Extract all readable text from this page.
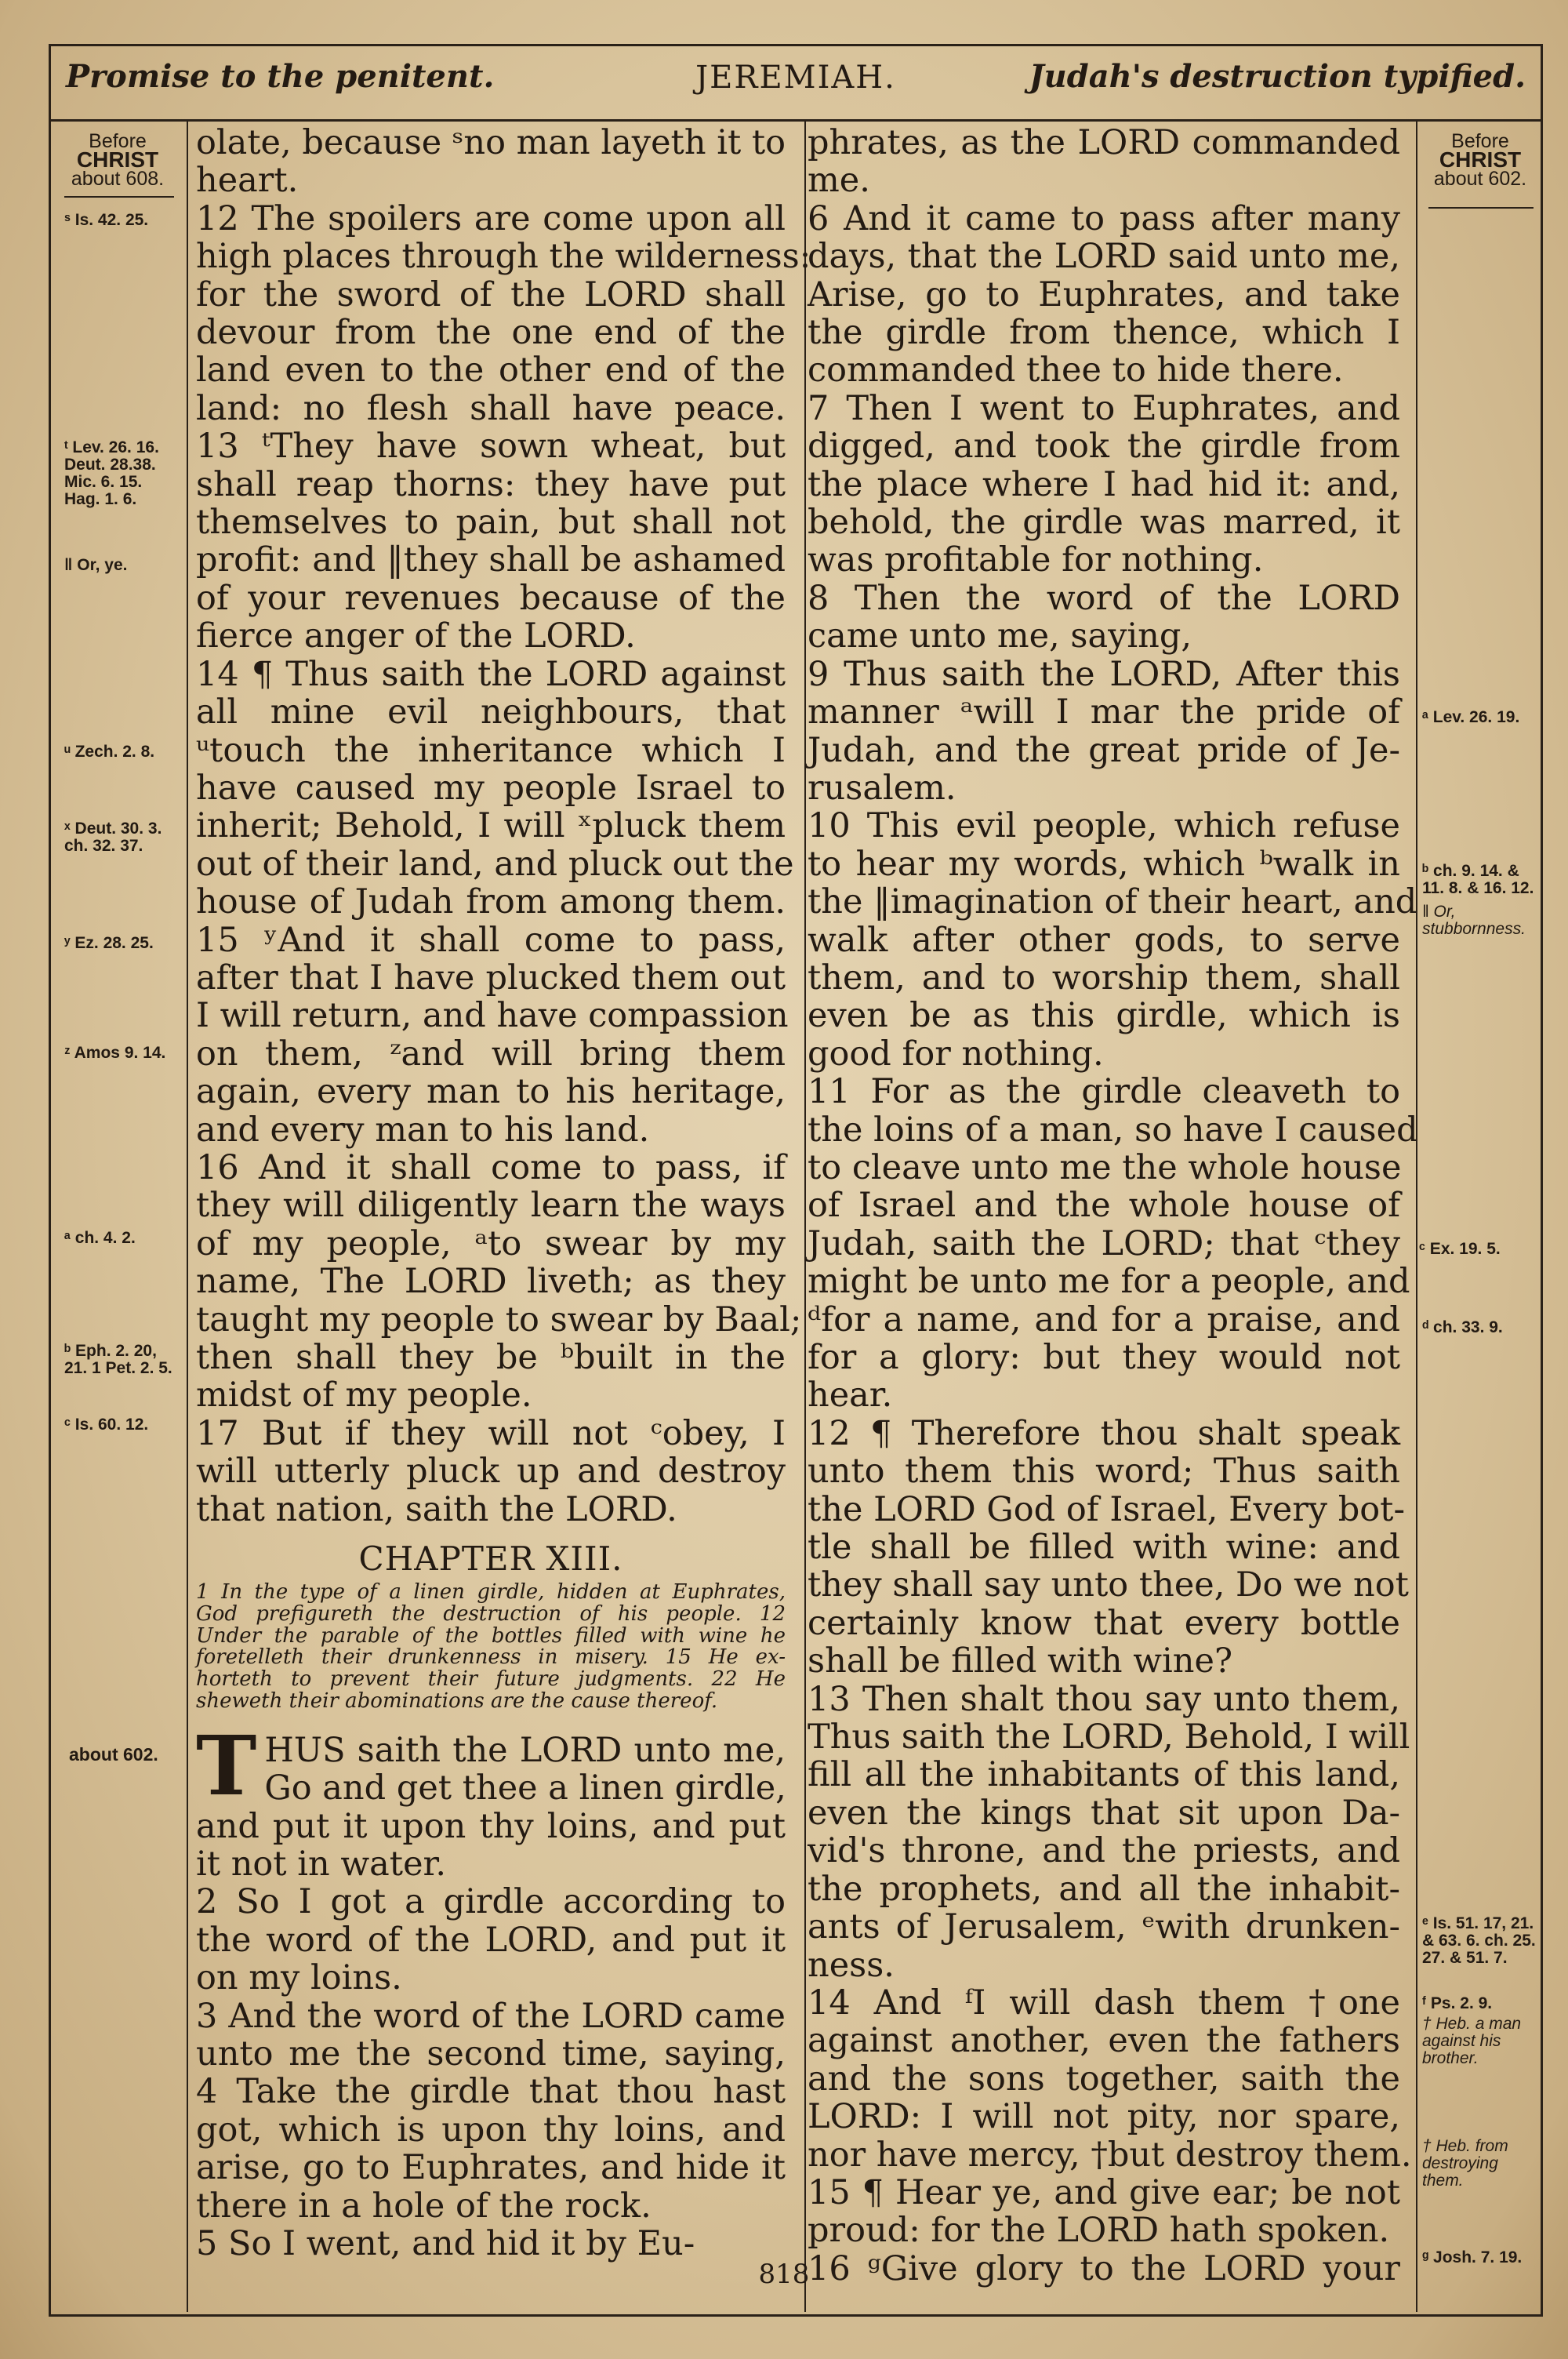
Promise to the penitent.	JEREMIAH.	Judah's destruction typified.
Before
CHRIST
about 608.
Before
CHRIST
about 602.
ˢ Is. 42. 25.
ᵗ Lev. 26. 16. Deut. 28.38. Mic. 6. 15. Hag. 1. 6.
‖ Or, ye.
ᵘ Zech. 2. 8.
ˣ Deut. 30. 3. ch. 32. 37.
ʸ Ez. 28. 25.
ᶻ Amos 9. 14.
ᵃ ch. 4. 2.
ᵇ Eph. 2. 20, 21. 1 Pet. 2. 5.
ᶜ Is. 60. 12.
about 602.
ᵃ Lev. 26. 19.
ᵇ ch. 9. 14. & 11. 8. & 16. 12.
‖ Or, stubbornness.
ᶜ Ex. 19. 5.
ᵈ ch. 33. 9.
ᵉ Is. 51. 17, 21. & 63. 6. ch. 25. 27. & 51. 7.
ᶠ Ps. 2. 9.
† Heb. a man against his brother.
† Heb. from destroying them.
ᵍ Josh. 7. 19.
olate, because ˢno man layeth it to
heart.
12 The spoilers are come upon all
high places through the wilderness:
for the sword of the LORD shall
devour from the one end of the
land even to the other end of the
land: no flesh shall have peace.
13 ᵗThey have sown wheat, but
shall reap thorns: they have put
themselves to pain, but shall not
profit: and ‖they shall be ashamed
of your revenues because of the
fierce anger of the LORD.
14 ¶ Thus saith the LORD against
all mine evil neighbours, that
ᵘtouch the inheritance which I
have caused my people Israel to
inherit; Behold, I will ˣpluck them
out of their land, and pluck out the
house of Judah from among them.
15 ʸAnd it shall come to pass,
after that I have plucked them out
I will return, and have compassion
on them, ᶻand will bring them
again, every man to his heritage,
and every man to his land.
16 And it shall come to pass, if
they will diligently learn the ways
of my people, ᵃto swear by my
name, The LORD liveth; as they
taught my people to swear by Baal;
then shall they be ᵇbuilt in the
midst of my people.
17 But if they will not ᶜobey, I
will utterly pluck up and destroy
that nation, saith the LORD.
CHAPTER XIII.
1 In the type of a linen girdle, hidden at Euphrates,
God prefigureth the destruction of his people. 12
Under the parable of the bottles filled with wine he
foretelleth their drunkenness in misery. 15 He ex-
horteth to prevent their future judgments. 22 He
sheweth their abominations are the cause thereof.
T HUS saith the LORD unto me,
Go and get thee a linen girdle,
and put it upon thy loins, and put
it not in water.
2 So I got a girdle according to
the word of the LORD, and put it
on my loins.
3 And the word of the LORD came
unto me the second time, saying,
4 Take the girdle that thou hast
got, which is upon thy loins, and
arise, go to Euphrates, and hide it
there in a hole of the rock.
5 So I went, and hid it by Eu-
phrates, as the LORD commanded
me.
6 And it came to pass after many
days, that the LORD said unto me,
Arise, go to Euphrates, and take
the girdle from thence, which I
commanded thee to hide there.
7 Then I went to Euphrates, and
digged, and took the girdle from
the place where I had hid it: and,
behold, the girdle was marred, it
was profitable for nothing.
8 Then the word of the LORD
came unto me, saying,
9 Thus saith the LORD, After this
manner ᵃwill I mar the pride of
Judah, and the great pride of Je-
rusalem.
10 This evil people, which refuse
to hear my words, which ᵇwalk in
the ‖imagination of their heart, and
walk after other gods, to serve
them, and to worship them, shall
even be as this girdle, which is
good for nothing.
11 For as the girdle cleaveth to
the loins of a man, so have I caused
to cleave unto me the whole house
of Israel and the whole house of
Judah, saith the LORD; that ᶜthey
might be unto me for a people, and
ᵈfor a name, and for a praise, and
for a glory: but they would not
hear.
12 ¶ Therefore thou shalt speak
unto them this word; Thus saith
the LORD God of Israel, Every bot-
tle shall be filled with wine: and
they shall say unto thee, Do we not
certainly know that every bottle
shall be filled with wine?
13 Then shalt thou say unto them,
Thus saith the LORD, Behold, I will
fill all the inhabitants of this land,
even the kings that sit upon Da-
vid's throne, and the priests, and
the prophets, and all the inhabit-
ants of Jerusalem, ᵉwith drunken-
ness.
14 And ᶠI will dash them †one
against another, even the fathers
and the sons together, saith the
LORD: I will not pity, nor spare,
nor have mercy, †but destroy them.
15 ¶ Hear ye, and give ear; be not
proud: for the LORD hath spoken.
16 ᵍGive glory to the LORD your
818
